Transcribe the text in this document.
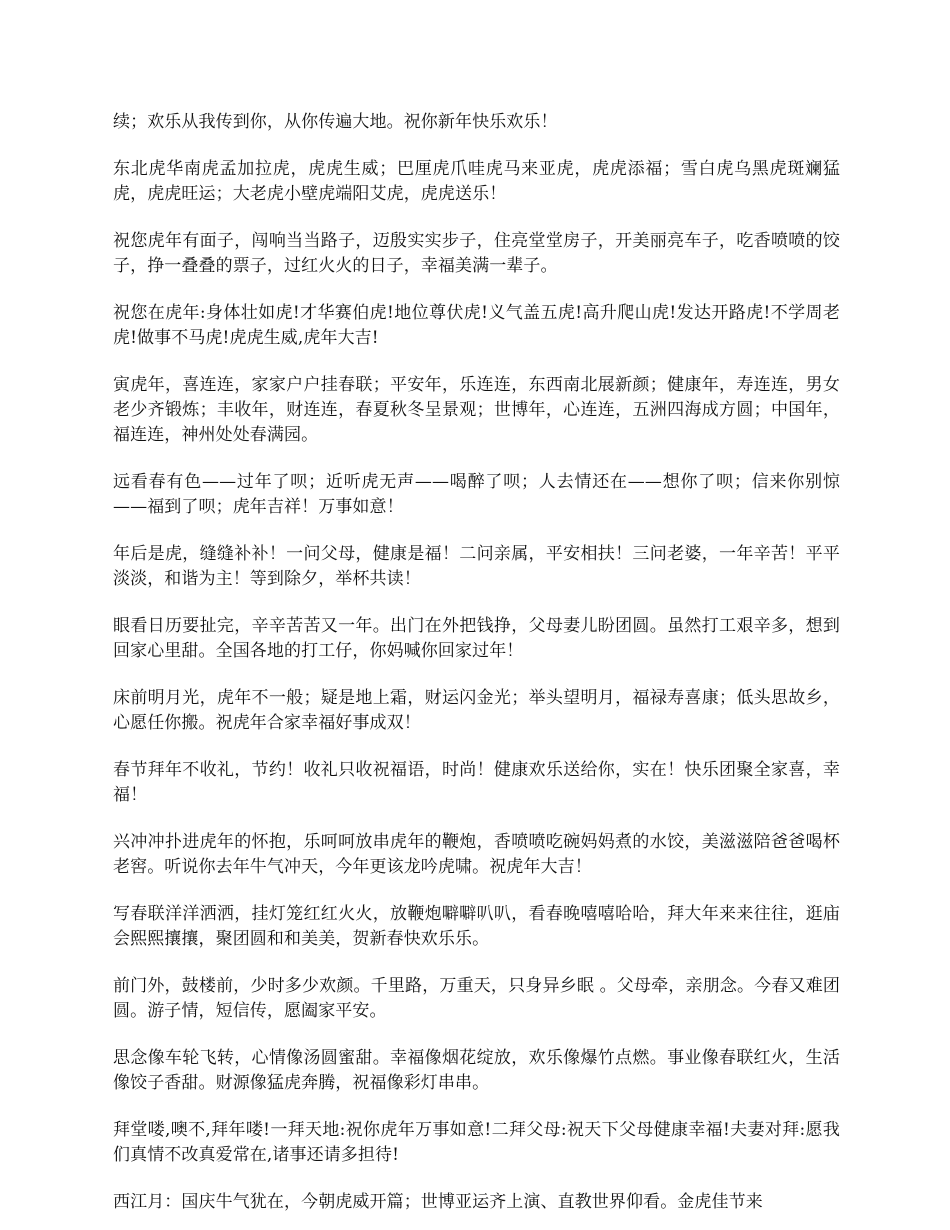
续；欢乐从我传到你，从你传遍大地。祝你新年快乐欢乐！

东北虎华南虎孟加拉虎，虎虎生威；巴厘虎爪哇虎马来亚虎，虎虎添福；雪白虎乌黑虎斑斓猛虎，虎虎旺运；大老虎小壁虎端阳艾虎，虎虎送乐！

祝您虎年有面子，闯响当当路子，迈殷实实步子，住亮堂堂房子，开美丽亮车子，吃香喷喷的饺子，挣一叠叠的票子，过红火火的日子，幸福美满一辈子。

祝您在虎年:身体壮如虎!才华赛伯虎!地位尊伏虎!义气盖五虎!高升爬山虎!发达开路虎!不学周老虎!做事不马虎!虎虎生威,虎年大吉!

寅虎年，喜连连，家家户户挂春联；平安年，乐连连，东西南北展新颜；健康年，寿连连，男女老少齐锻炼；丰收年，财连连，春夏秋冬呈景观；世博年，心连连，五洲四海成方圆；中国年，福连连，神州处处春满园。

远看春有色——过年了呗；近听虎无声——喝醉了呗；人去情还在——想你了呗；信来你别惊——福到了呗；虎年吉祥！万事如意！

年后是虎，缝缝补补！一问父母，健康是福！二问亲属，平安相扶！三问老婆，一年辛苦！平平淡淡，和谐为主！等到除夕，举杯共读！

眼看日历要扯完，辛辛苦苦又一年。出门在外把钱挣，父母妻儿盼团圆。虽然打工艰辛多，想到回家心里甜。全国各地的打工仔，你妈喊你回家过年！

床前明月光，虎年不一般；疑是地上霜，财运闪金光；举头望明月，福禄寿喜康；低头思故乡，心愿任你搬。祝虎年合家幸福好事成双！

春节拜年不收礼，节约！收礼只收祝福语，时尚！健康欢乐送给你，实在！快乐团聚全家喜，幸福！

兴冲冲扑进虎年的怀抱，乐呵呵放串虎年的鞭炮，香喷喷吃碗妈妈煮的水饺，美滋滋陪爸爸喝杯老窖。听说你去年牛气冲天，今年更该龙吟虎啸。祝虎年大吉！

写春联洋洋洒洒，挂灯笼红红火火，放鞭炮噼噼叭叭，看春晚嘻嘻哈哈，拜大年来来往往，逛庙会熙熙攘攘，聚团圆和和美美，贺新春快欢乐乐。

前门外，鼓楼前，少时多少欢颜。千里路，万重天，只身异乡眠 。父母牵，亲朋念。今春又难团圆。游子情，短信传，愿阖家平安。

思念像车轮飞转，心情像汤圆蜜甜。幸福像烟花绽放，欢乐像爆竹点燃。事业像春联红火，生活像饺子香甜。财源像猛虎奔腾，祝福像彩灯串串。

拜堂喽,噢不,拜年喽!一拜天地:祝你虎年万事如意!二拜父母:祝天下父母健康幸福!夫妻对拜:愿我们真情不改真爱常在,诸事还请多担待!

西江月：国庆牛气犹在，今朝虎威开篇；世博亚运齐上演、直教世界仰看。金虎佳节来
